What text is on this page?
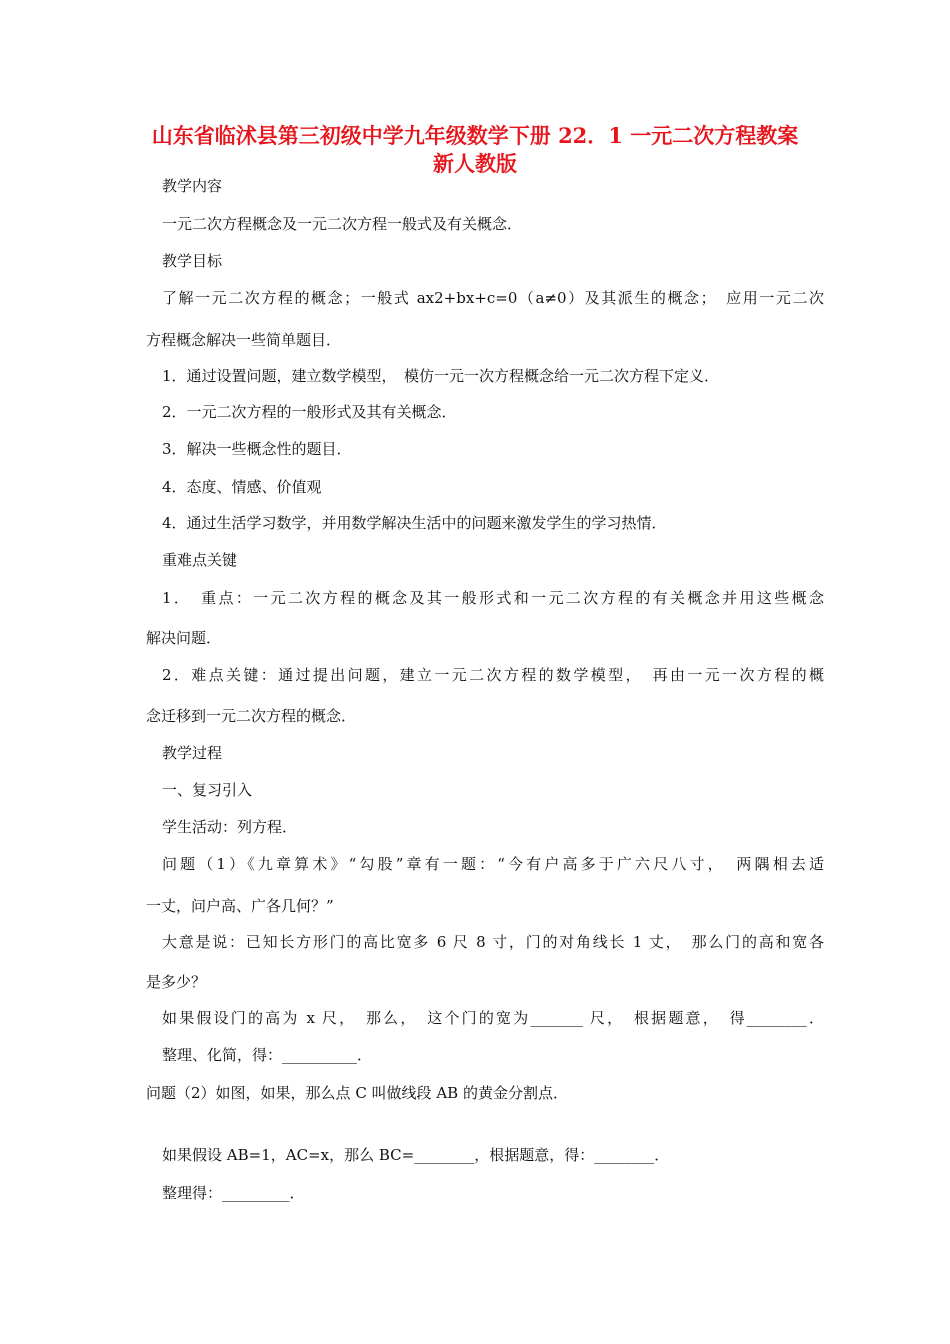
山东省临沭县第三初级中学九年级数学下册 22．1 一元二次方程教案 新人教版
教学内容
一元二次方程概念及一元二次方程一般式及有关概念．
教学目标
了解一元二次方程的概念；一般式 ax2+bx+c=0（a≠0）及其派生的概念；　应用一元二次
方程概念解决一些简单题目．
1．通过设置问题，建立数学模型，　模仿一元一次方程概念给一元二次方程下定义．
2．一元二次方程的一般形式及其有关概念．
3．解决一些概念性的题目．
4．态度、情感、价值观
4．通过生活学习数学，并用数学解决生活中的问题来激发学生的学习热情．
重难点关键
1．　重点：一元二次方程的概念及其一般形式和一元二次方程的有关概念并用这些概念
解决问题．
2．难点关键：通过提出问题，建立一元二次方程的数学模型，　再由一元一次方程的概
念迁移到一元二次方程的概念．
教学过程
一、复习引入
学生活动：列方程．
问题（1）《九章算术》“勾股”章有一题：“今有户高多于广六尺八寸，　两隅相去适
一丈，问户高、广各几何？”
大意是说：已知长方形门的高比宽多 6 尺 8 寸，门的对角线长 1 丈，　那么门的高和宽各
是多少？
如果假设门的高为 x 尺，　那么，　这个门的宽为_______ 尺，　根据题意，　得________．
整理、化简，得：__________．
问题（2）如图，如果，那么点 C 叫做线段 AB 的黄金分割点．
如果假设 AB=1，AC=x，那么 BC=________，根据题意，得：________．
整理得：_________．
